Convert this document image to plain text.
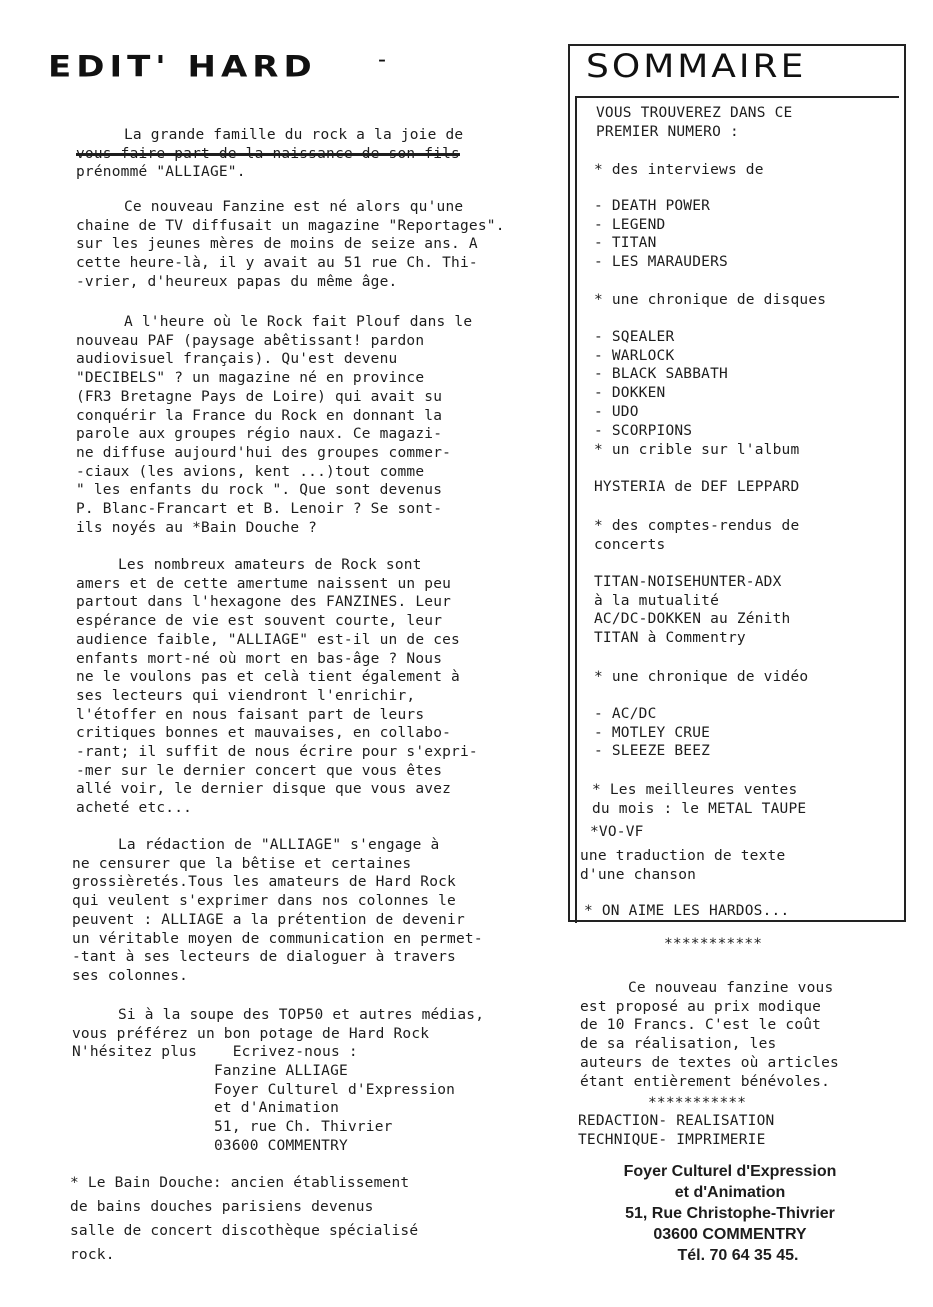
EDIT' HARD	-
La grande famille du rock a la joie de
vous faire part de la naissance de son fils
prénommé "ALLIAGE".
Ce nouveau Fanzine est né alors qu'une
chaine de TV diffusait un magazine "Reportages".
sur les jeunes mères de moins de seize ans. A
cette heure-là, il y avait au 51 rue Ch. Thi-
-vrier, d'heureux papas du même âge.
A l'heure où le Rock fait Plouf dans le
nouveau PAF (paysage abêtissant! pardon
audiovisuel français). Qu'est devenu
"DECIBELS" ? un magazine né en province
(FR3 Bretagne Pays de Loire) qui avait su
conquérir la France du Rock en donnant la
parole aux groupes régio naux. Ce magazi-
ne diffuse aujourd'hui des groupes commer-
-ciaux (les avions, kent ...)tout comme
" les enfants du rock ". Que sont devenus
P. Blanc-Francart et B. Lenoir ? Se sont-
ils noyés au *Bain Douche ?
Les nombreux amateurs de Rock sont
amers et de cette amertume naissent un peu
partout dans l'hexagone des FANZINES. Leur
espérance de vie est souvent courte, leur
audience faible, "ALLIAGE" est-il un de ces
enfants mort-né où mort en bas-âge ? Nous
ne le voulons pas et celà tient également à
ses lecteurs qui viendront l'enrichir,
l'étoffer en nous faisant part de leurs
critiques bonnes et mauvaises, en collabo-
-rant; il suffit de nous écrire pour s'expri-
-mer sur le dernier concert que vous êtes
allé voir, le dernier disque que vous avez
acheté etc...
La rédaction de "ALLIAGE" s'engage à
ne censurer que la bêtise et certaines
grossièretés.Tous les amateurs de Hard Rock
qui veulent s'exprimer dans nos colonnes le
peuvent : ALLIAGE a la prétention de devenir
un véritable moyen de communication en permet-
-tant à ses lecteurs de dialoguer à travers
ses colonnes.
Si à la soupe des TOP50 et autres médias,
vous préférez un bon potage de Hard Rock
N'hésitez plus    Ecrivez-nous :
Fanzine ALLIAGE
Foyer Culturel d'Expression
et d'Animation
51, rue Ch. Thivrier
03600 COMMENTRY
* Le Bain Douche: ancien établissement
de bains douches parisiens devenus
salle de concert discothèque spécialisé
rock.
SOMMAIRE
VOUS TROUVEREZ DANS CE
PREMIER NUMERO :
* des interviews de
- DEATH POWER
- LEGEND
- TITAN
- LES MARAUDERS
* une chronique de disques
- SQEALER
- WARLOCK
- BLACK SABBATH
- DOKKEN
- UDO
- SCORPIONS
* un crible sur l'album
HYSTERIA de DEF LEPPARD
* des comptes-rendus de
concerts
TITAN-NOISEHUNTER-ADX
à la mutualité
AC/DC-DOKKEN au Zénith
TITAN à Commentry
* une chronique de vidéo
- AC/DC
- MOTLEY CRUE
- SLEEZE BEEZ
* Les meilleures ventes
du mois : le METAL TAUPE
*VO-VF
une traduction de texte
d'une chanson
* ON AIME LES HARDOS...
***********
Ce nouveau fanzine vous
est proposé au prix modique
de 10 Francs. C'est le coût
de sa réalisation, les
auteurs de textes où articles
étant entièrement bénévoles.
***********
REDACTION- REALISATION
TECHNIQUE- IMPRIMERIE
Foyer Culturel d'Expression
et d'Animation
51, Rue Christophe-Thivrier
03600 COMMENTRY
Tél. 70 64 35 45.
